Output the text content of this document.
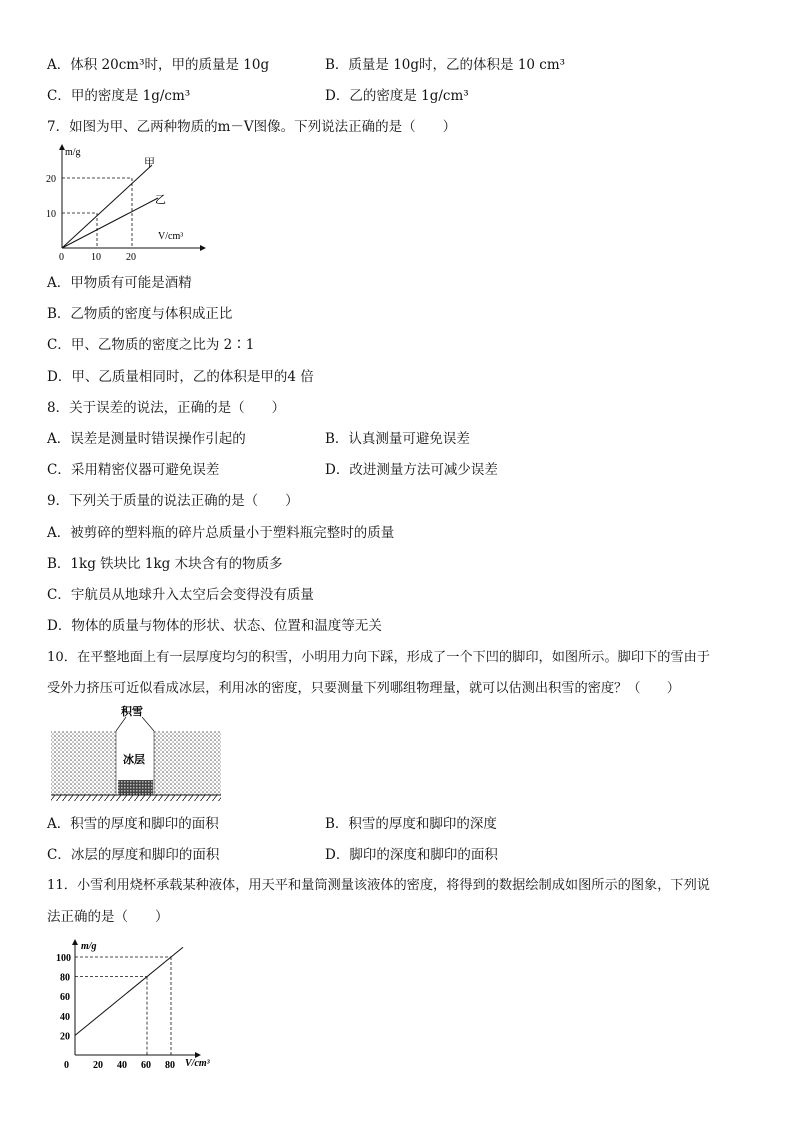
A．体积 20cm³时，甲的质量是 10g	B．质量是 10g时，乙的体积是 10 cm³
C．甲的密度是 1g/cm³	D．乙的密度是 1g/cm³
7．如图为甲、乙两种物质的m－V图像。下列说法正确的是（　　）
m/g
V/cm³
0	10	20
10
20
甲
乙
A．甲物质有可能是酒精
B．乙物质的密度与体积成正比
C．甲、乙物质的密度之比为 2∶1
D．甲、乙质量相同时，乙的体积是甲的4 倍
8．关于误差的说法，正确的是（　　）
A．误差是测量时错误操作引起的	B．认真测量可避免误差
C．采用精密仪器可避免误差	D．改进测量方法可减少误差
9．下列关于质量的说法正确的是（　　）
A．被剪碎的塑料瓶的碎片总质量小于塑料瓶完整时的质量
B．1kg 铁块比 1kg 木块含有的物质多
C．宇航员从地球升入太空后会变得没有质量
D．物体的质量与物体的形状、状态、位置和温度等无关
10．在平整地面上有一层厚度均匀的积雪，小明用力向下踩，形成了一个下凹的脚印，如图所示。脚印下的雪由于
受外力挤压可近似看成冰层，利用冰的密度，只要测量下列哪组物理量，就可以估测出积雪的密度？（　　）
积雪
冰层
A．积雪的厚度和脚印的面积	B．积雪的厚度和脚印的深度
C．冰层的厚度和脚印的面积	D．脚印的深度和脚印的面积
11．小雪利用烧杯承载某种液体，用天平和量筒测量该液体的密度，将得到的数据绘制成如图所示的图象，下列说
法正确的是（　　）
m/g
V/cm³
0 20 40 60 80
20
40
60
80
100
